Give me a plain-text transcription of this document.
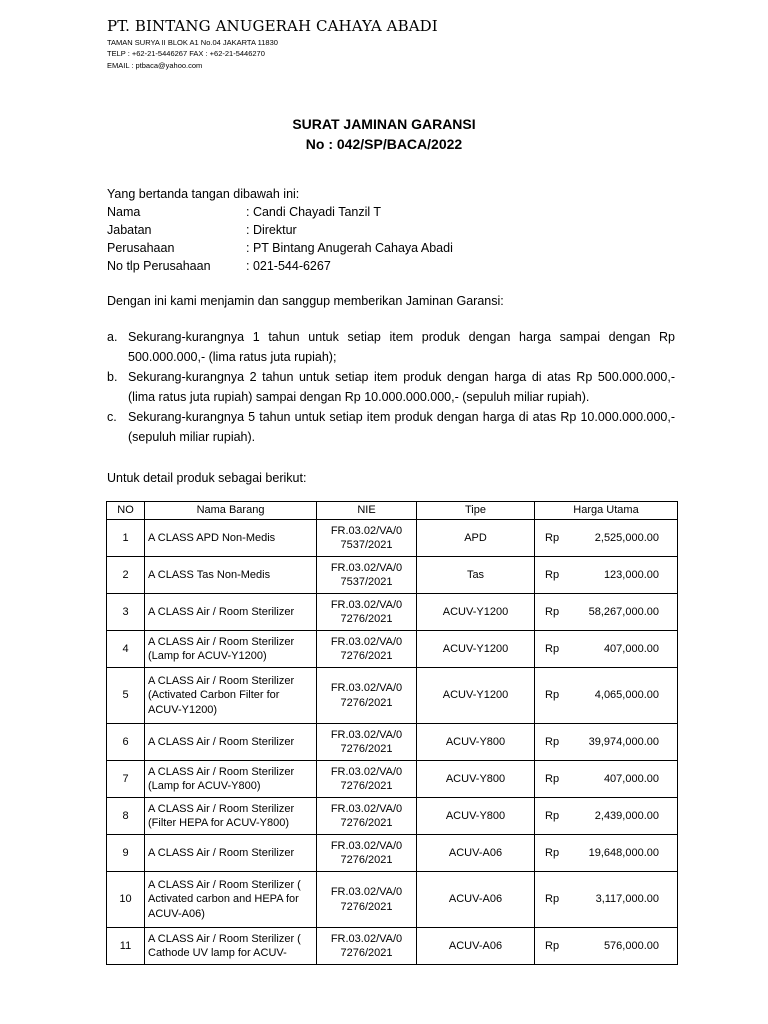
PT. BINTANG ANUGERAH CAHAYA ABADI
TAMAN SURYA II BLOK A1 No.04 JAKARTA 11830
TELP : +62-21-5446267 FAX : +62-21-5446270
EMAIL : ptbaca@yahoo.com
SURAT JAMINAN GARANSI
No : 042/SP/BACA/2022
Yang bertanda tangan dibawah ini:
Nama	: Candi Chayadi Tanzil T
Jabatan	: Direktur
Perusahaan	: PT Bintang Anugerah Cahaya Abadi
No tlp Perusahaan	: 021-544-6267
Dengan ini kami menjamin dan sanggup memberikan Jaminan Garansi:
a. Sekurang-kurangnya 1 tahun untuk setiap item produk dengan harga sampai dengan Rp 500.000.000,- (lima ratus juta rupiah);
b. Sekurang-kurangnya 2 tahun untuk setiap item produk dengan harga di atas Rp 500.000.000,- (lima ratus juta rupiah) sampai dengan Rp 10.000.000.000,- (sepuluh miliar rupiah).
c. Sekurang-kurangnya 5 tahun untuk setiap item produk dengan harga di atas Rp 10.000.000.000,- (sepuluh miliar rupiah).
Untuk detail produk sebagai berikut:
NO	Nama Barang	NIE	Tipe	Harga Utama
1	A CLASS APD Non-Medis	FR.03.02/VA/0 7537/2021	APD	Rp 2,525,000.00

2	A CLASS Tas Non-Medis	FR.03.02/VA/0 7537/2021	Tas	Rp 123,000.00

3	A CLASS Air / Room Sterilizer	FR.03.02/VA/0 7276/2021	ACUV-Y1200	Rp 58,267,000.00

4	A CLASS Air / Room Sterilizer (Lamp for ACUV-Y1200)	FR.03.02/VA/0 7276/2021	ACUV-Y1200	Rp 407,000.00

5	A CLASS Air / Room Sterilizer (Activated Carbon Filter for ACUV-Y1200)	FR.03.02/VA/0 7276/2021	ACUV-Y1200	Rp 4,065,000.00

6	A CLASS Air / Room Sterilizer	FR.03.02/VA/0 7276/2021	ACUV-Y800	Rp 39,974,000.00

7	A CLASS Air / Room Sterilizer (Lamp for ACUV-Y800)	FR.03.02/VA/0 7276/2021	ACUV-Y800	Rp 407,000.00

8	A CLASS Air / Room Sterilizer (Filter HEPA for ACUV-Y800)	FR.03.02/VA/0 7276/2021	ACUV-Y800	Rp 2,439,000.00

9	A CLASS Air / Room Sterilizer	FR.03.02/VA/0 7276/2021	ACUV-A06	Rp 19,648,000.00

10	A CLASS Air / Room Sterilizer ( Activated carbon and HEPA for ACUV-A06)	FR.03.02/VA/0 7276/2021	ACUV-A06	Rp 3,117,000.00

11	A CLASS Air / Room Sterilizer ( Cathode UV lamp for ACUV-	FR.03.02/VA/0 7276/2021	ACUV-A06	Rp 576,000.00
